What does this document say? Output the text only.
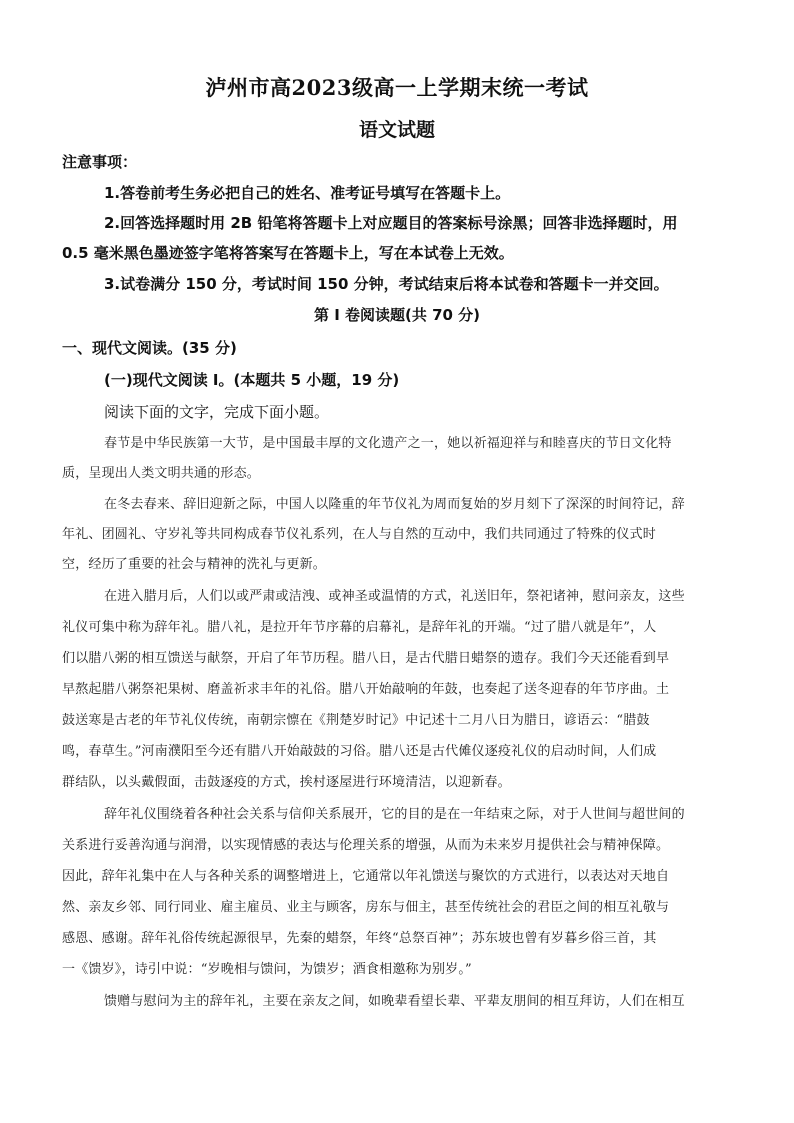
泸州市高2023级高一上学期末统一考试
语文试题
注意事项：
1.答卷前考生务必把自己的姓名、准考证号填写在答题卡上。
2.回答选择题时用 2B 铅笔将答题卡上对应题目的答案标号涂黑；回答非选择题时，用
0.5 毫米黑色墨迹签字笔将答案写在答题卡上，写在本试卷上无效。
3.试卷满分 150 分，考试时间 150 分钟，考试结束后将本试卷和答题卡一并交回。
第 I 卷阅读题(共 70 分)
一、现代文阅读。(35 分)
(一)现代文阅读 I。(本题共 5 小题，19 分)
阅读下面的文字，完成下面小题。
春节是中华民族第一大节，是中国最丰厚的文化遗产之一，她以祈福迎祥与和睦喜庆的节日文化特
质，呈现出人类文明共通的形态。
在冬去春来、辞旧迎新之际，中国人以隆重的年节仪礼为周而复始的岁月刻下了深深的时间符记，辞
年礼、团圆礼、守岁礼等共同构成春节仪礼系列，在人与自然的互动中，我们共同通过了特殊的仪式时
空，经历了重要的社会与精神的洗礼与更新。
在进入腊月后，人们以或严肃或洁洩、或神圣或温情的方式，礼送旧年，祭祀诸神，慰问亲友，这些
礼仪可集中称为辞年礼。腊八礼，是拉开年节序幕的启幕礼，是辞年礼的开端。“过了腊八就是年”，人
们以腊八粥的相互馈送与献祭，开启了年节历程。腊八日，是古代腊日蜡祭的遗存。我们今天还能看到早
早熬起腊八粥祭祀果树、磨盖祈求丰年的礼俗。腊八开始敲响的年鼓，也奏起了送冬迎春的年节序曲。土
鼓送寒是古老的年节礼仪传统，南朝宗懔在《荆楚岁时记》中记述十二月八日为腊日，谚语云：“腊鼓
鸣，春草生。”河南濮阳至今还有腊八开始敲鼓的习俗。腊八还是古代傩仪逐疫礼仪的启动时间，人们成
群结队，以头戴假面，击鼓逐疫的方式，挨村逐屋进行环境清洁，以迎新春。
辞年礼仪围绕着各种社会关系与信仰关系展开，它的目的是在一年结束之际，对于人世间与超世间的
关系进行妥善沟通与润滑，以实现情感的表达与伦理关系的增强，从而为未来岁月提供社会与精神保障。
因此，辞年礼集中在人与各种关系的调整增进上，它通常以年礼馈送与聚饮的方式进行，以表达对天地自
然、亲友乡邻、同行同业、雇主雇员、业主与顾客，房东与佃主，甚至传统社会的君臣之间的相互礼敬与
感恩、感谢。辞年礼俗传统起源很早，先秦的蜡祭，年终“总祭百神”；苏东坡也曾有岁暮乡俗三首，其
一《馈岁》，诗引中说：“岁晚相与馈问，为馈岁；酒食相邀称为别岁。”
馈赠与慰问为主的辞年礼，主要在亲友之间，如晚辈看望长辈、平辈友朋间的相互拜访，人们在相互
